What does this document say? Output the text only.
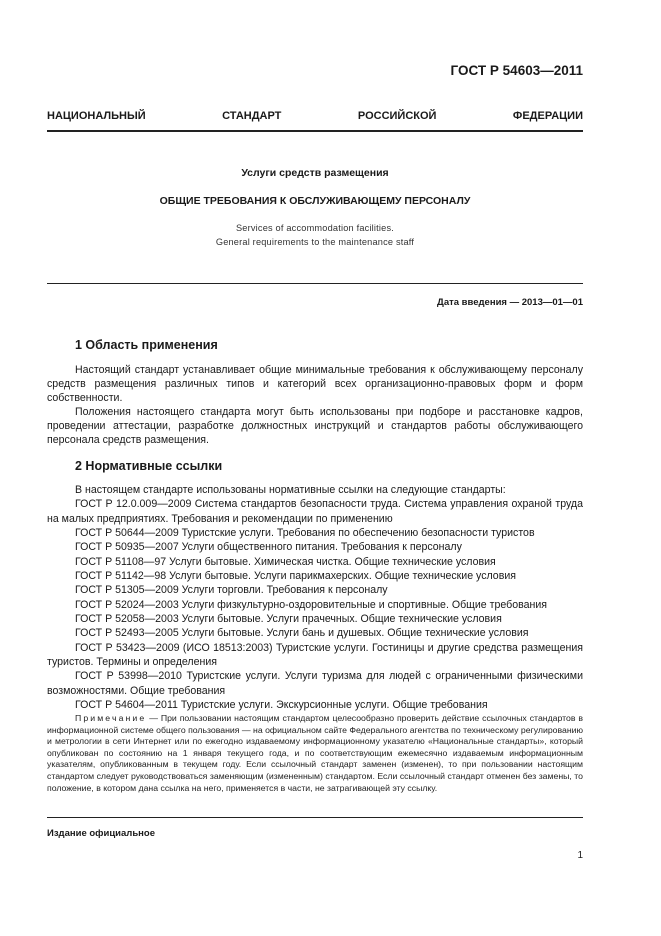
ГОСТ Р 54603—2011
НАЦИОНАЛЬНЫЙ СТАНДАРТ РОССИЙСКОЙ ФЕДЕРАЦИИ
Услуги средств размещения
ОБЩИЕ ТРЕБОВАНИЯ К ОБСЛУЖИВАЮЩЕМУ ПЕРСОНАЛУ
Services of accommodation facilities.
General requirements to the maintenance staff
Дата введения — 2013—01—01
1 Область применения

Настоящий стандарт устанавливает общие минимальные требования к обслуживающему персоналу средств размещения различных типов и категорий всех организационно-правовых форм и форм собственности.

Положения настоящего стандарта могут быть использованы при подборе и расстановке кадров, проведении аттестации, разработке должностных инструкций и стандартов работы обслуживающего персонала средств размещения.

2 Нормативные ссылки
В настоящем стандарте использованы нормативные ссылки на следующие стандарты:
ГОСТ Р 12.0.009—2009 Система стандартов безопасности труда. Система управления охраной труда на малых предприятиях. Требования и рекомендации по применению
ГОСТ Р 50644—2009 Туристские услуги. Требования по обеспечению безопасности туристов
ГОСТ Р 50935—2007 Услуги общественного питания. Требования к персоналу
ГОСТ Р 51108—97 Услуги бытовые. Химическая чистка. Общие технические условия
ГОСТ Р 51142—98 Услуги бытовые. Услуги парикмахерских. Общие технические условия
ГОСТ Р 51305—2009 Услуги торговли. Требования к персоналу
ГОСТ Р 52024—2003 Услуги физкультурно-оздоровительные и спортивные. Общие требования
ГОСТ Р 52058—2003 Услуги бытовые. Услуги прачечных. Общие технические условия
ГОСТ Р 52493—2005 Услуги бытовые. Услуги бань и душевых. Общие технические условия
ГОСТ Р 53423—2009 (ИСО 18513:2003) Туристские услуги. Гостиницы и другие средства размещения туристов. Термины и определения
ГОСТ Р 53998—2010 Туристские услуги. Услуги туризма для людей с ограниченными физическими возможностями. Общие требования
ГОСТ Р 54604—2011 Туристские услуги. Экскурсионные услуги. Общие требования
Примечание — При пользовании настоящим стандартом целесообразно проверить действие ссылочных стандартов в информационной системе общего пользования — на официальном сайте Федерального агентства по техническому регулированию и метрологии в сети Интернет или по ежегодно издаваемому информационному указателю «Национальные стандарты», который опубликован по состоянию на 1 января текущего года, и по соответствующим ежемесячно издаваемым информационным указателям, опубликованным в текущем году. Если ссылочный стандарт заменен (изменен), то при пользовании настоящим стандартом следует руководствоваться заменяющим (измененным) стандартом. Если ссылочный стандарт отменен без замены, то положение, в котором дана ссылка на него, применяется в части, не затрагивающей эту ссылку.
Издание официальное
1
